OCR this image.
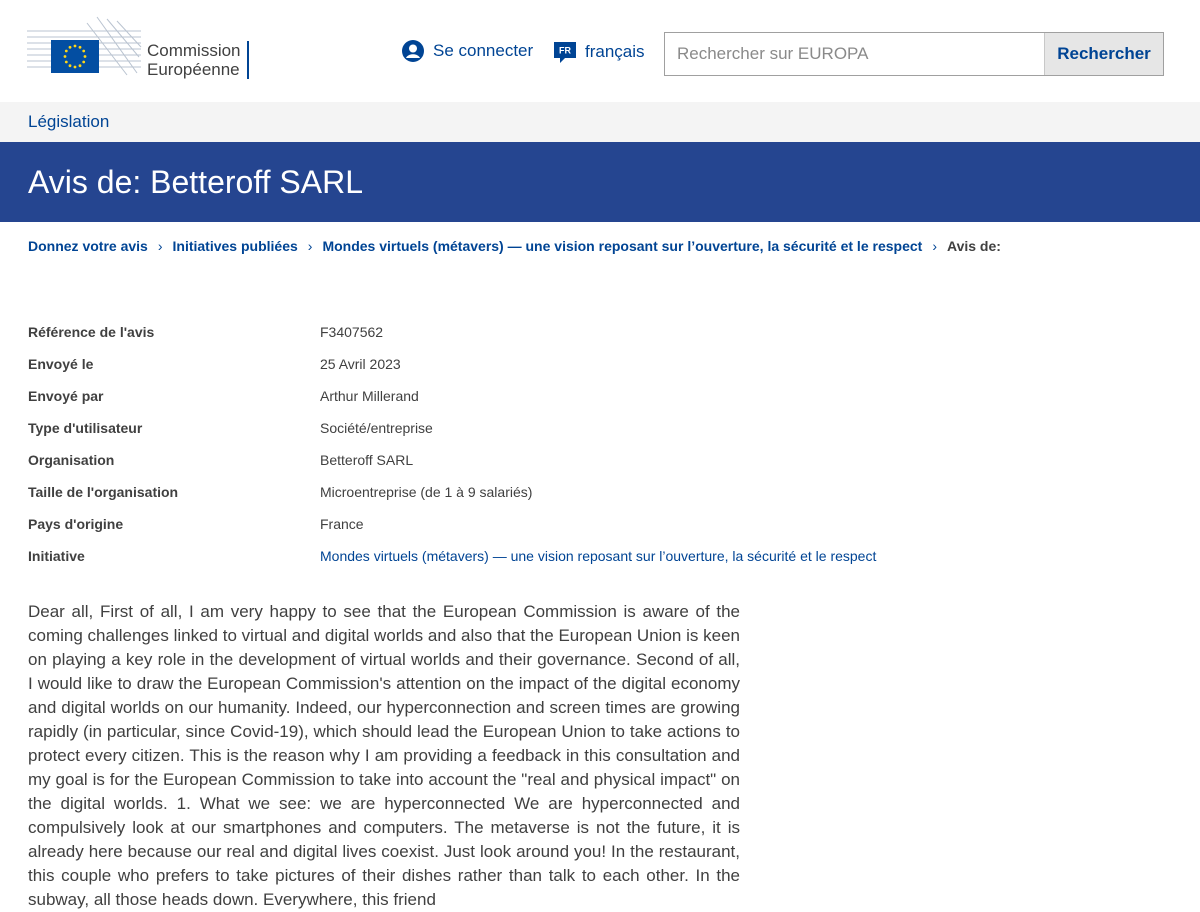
Commission
Européenne
Se connecter	FR français
Rechercher sur EUROPA	Rechercher
Législation
Avis de: Betteroff SARL
Donnez votre avis › Initiatives publiées › Mondes virtuels (métavers) — une vision reposant sur l’ouverture, la sécurité et le respect › Avis de:
Référence de l'avis	F3407562
Envoyé le	25 Avril 2023
Envoyé par	Arthur Millerand
Type d'utilisateur	Société/entreprise
Organisation	Betteroff SARL
Taille de l'organisation	Microentreprise (de 1 à 9 salariés)
Pays d'origine	France
Initiative	Mondes virtuels (métavers) — une vision reposant sur l’ouverture, la sécurité et le respect
Dear all, First of all, I am very happy to see that the European Commission is aware of the coming challenges linked to virtual and digital worlds and also that the European Union is keen on playing a key role in the development of virtual worlds and their governance. Second of all, I would like to draw the European Commission's attention on the impact of the digital economy and digital worlds on our humanity. Indeed, our hyperconnection and screen times are growing rapidly (in particular, since Covid-19), which should lead the European Union to take actions to protect every citizen. This is the reason why I am providing a feedback in this consultation and my goal is for the European Commission to take into account the "real and physical impact" on the digital worlds. 1. What we see: we are hyperconnected We are hyperconnected and compulsively look at our smartphones and computers. The metaverse is not the future, it is already here because our real and digital lives coexist. Just look around you! In the restaurant, this couple who prefers to take pictures of their dishes rather than talk to each other. In the subway, all those heads down. Everywhere, this friend
